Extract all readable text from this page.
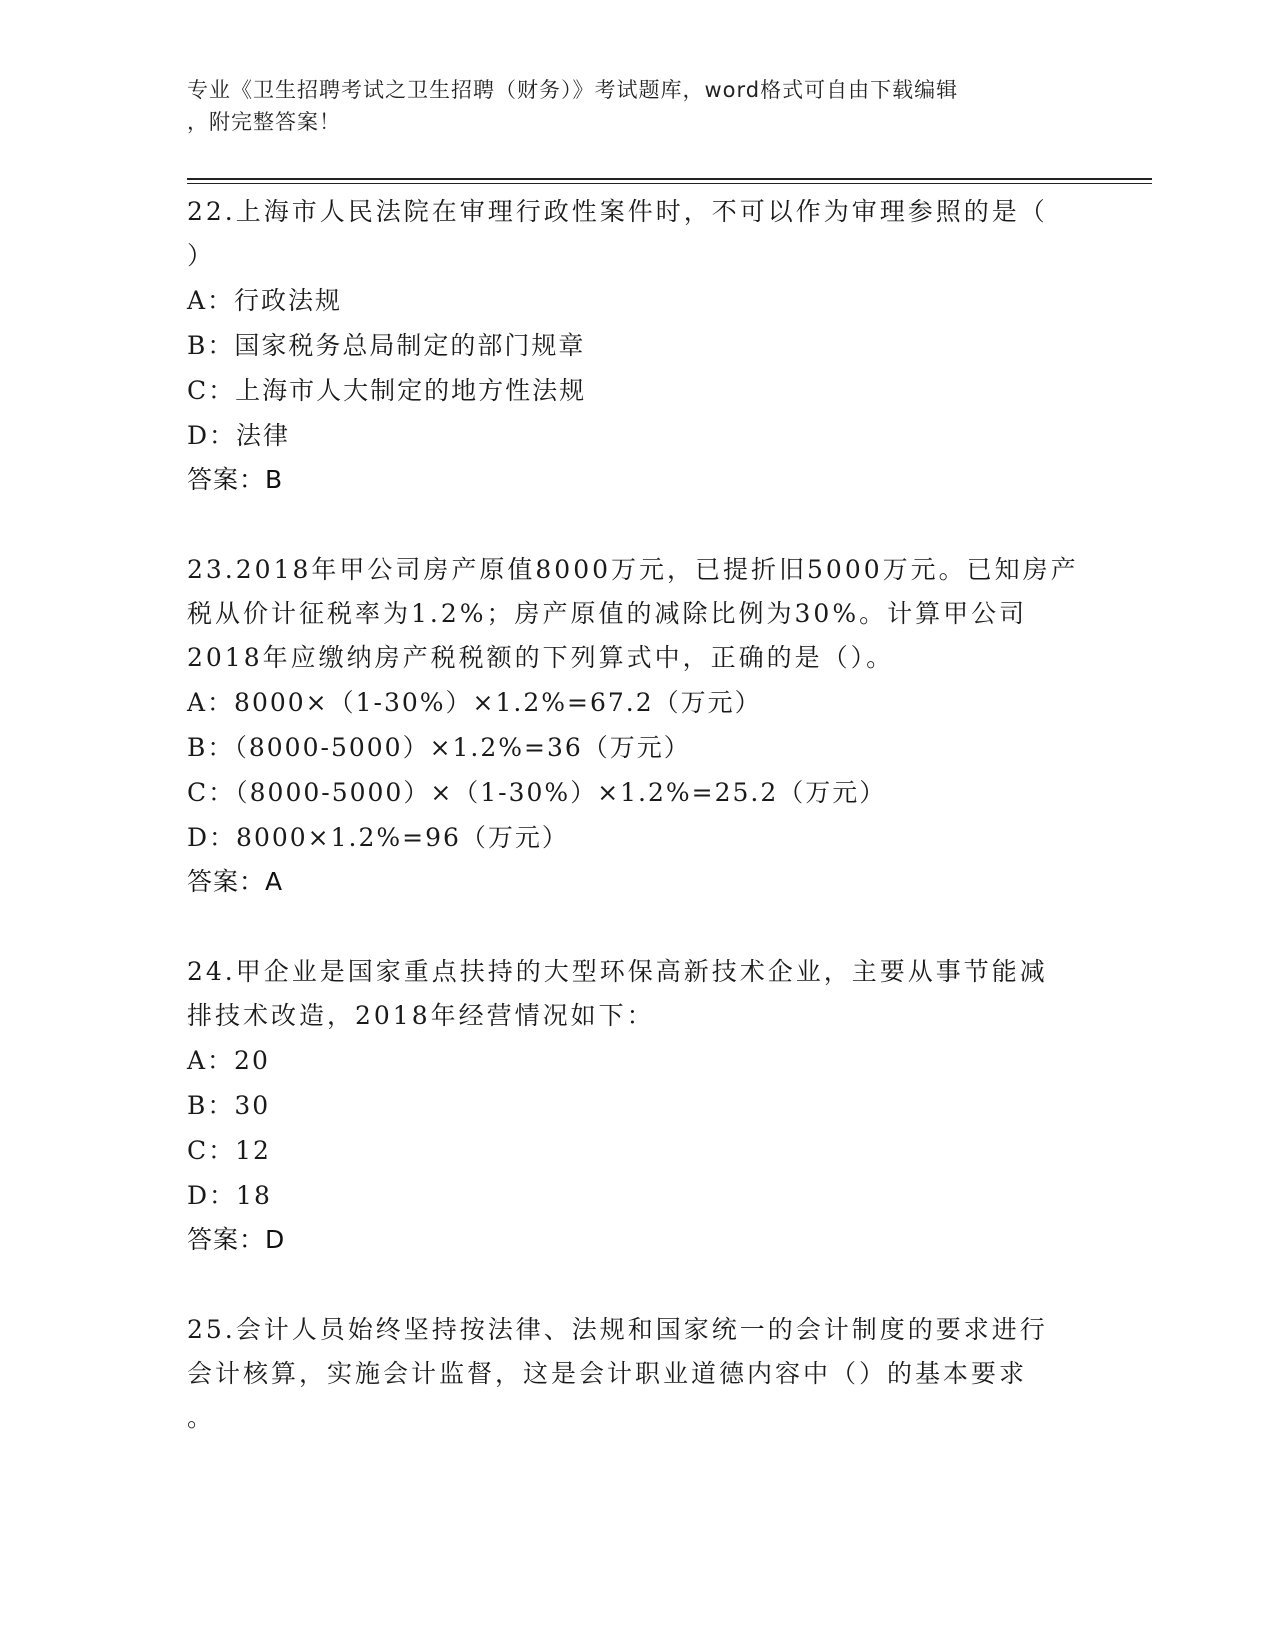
专业《卫生招聘考试之卫生招聘（财务）》考试题库，word格式可自由下载编辑
，附完整答案！
22.上海市人民法院在审理行政性案件时，不可以作为审理参照的是（
）
A：行政法规
B：国家税务总局制定的部门规章
C：上海市人大制定的地方性法规
D：法律
答案：B
23.2018年甲公司房产原值8000万元，已提折旧5000万元。已知房产
税从价计征税率为1.2%；房产原值的减除比例为30%。计算甲公司
2018年应缴纳房产税税额的下列算式中，正确的是（）。
A：8000×（1-30%）×1.2%=67.2（万元）
B：（8000-5000）×1.2%=36（万元）
C：（8000-5000）×（1-30%）×1.2%=25.2（万元）
D：8000×1.2%=96（万元）
答案：A
24.甲企业是国家重点扶持的大型环保高新技术企业，主要从事节能减
排技术改造，2018年经营情况如下：
A：20
B：30
C：12
D：18
答案：D
25.会计人员始终坚持按法律、法规和国家统一的会计制度的要求进行
会计核算，实施会计监督，这是会计职业道德内容中（）的基本要求
。
